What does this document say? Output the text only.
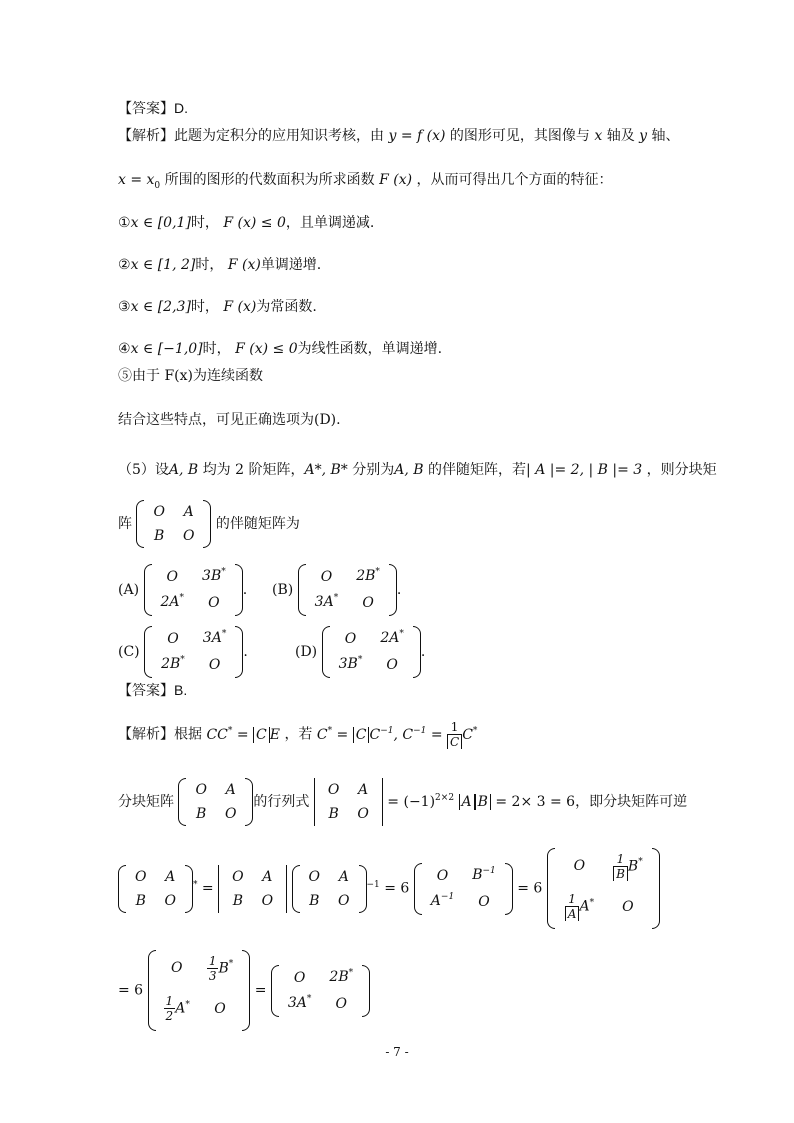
【答案】D.
【解析】此题为定积分的应用知识考核，由 y = f (x) 的图形可见，其图像与 x 轴及 y 轴、
$x = x_0$ 所围的图形的代数面积为所求函数 F (x) ，从而可得出几个方面的特征：
①x ∈ [0,1]时， F (x) ≤ 0，且单调递减.
②x ∈ [1, 2]时， F (x)单调递增.
③x ∈ [2,3]时， F (x)为常函数.
④x ∈ [−1,0]时， F (x) ≤ 0为线性函数，单调递增.
⑤由于 F(x)为连续函数
结合这些特点，可见正确选项为(D).
（5）设A, B 均为 2 阶矩阵，A*, B* 分别为A, B 的伴随矩阵，若| A |= 2, | B |= 3 ，则分块矩
阵
O	A
B	O
的伴随矩阵为
(A)
O	3B*
2A*	O
. (B)
O	2B*
3A*	O
.
(C)
O	3A*
2B*	O
.	(D)
O	2A*
3B*	O
.
【答案】B.
【解析】根据 CC* = C E ，若 C* = C $C^{-1}$, $C^{-1} = \frac{1}{C} C^*$
分块矩阵
O	A
B	O
的行列式
O	A
B	O
= $(-1)^{2\times 2}$ A B = 2× 3 = 6，即分块矩阵可逆
O	A
B	O
* =
O	A
B	O

O	A
B	O
$^{-1}$ = 6
O	$B^{-1}$
$A^{-1}$	O
= 6
O	$\frac{1}{B} B^*$

$\frac{1}{A} A^*$	O
= 6
O	$\frac{1}{3} B^*$

$\frac{1}{2} A^*$	O
=
O	2B*
3A*	O
- 7 -
